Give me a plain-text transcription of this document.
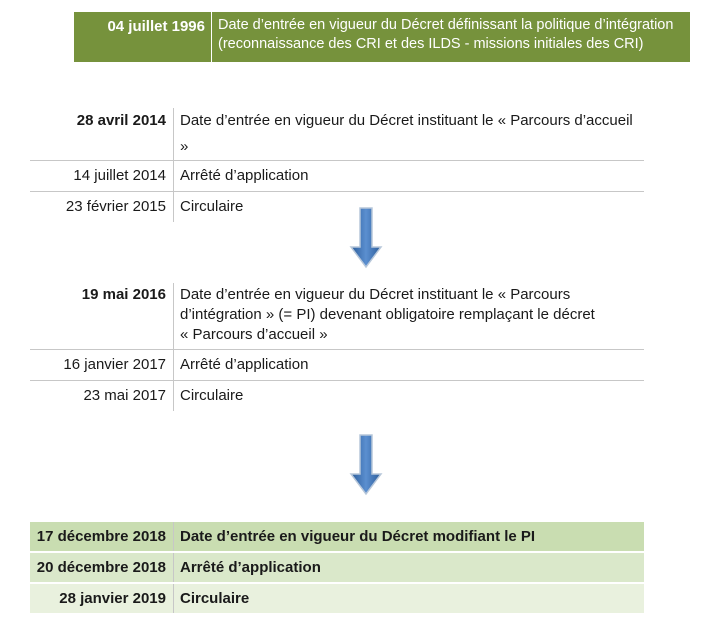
04 juillet 1996 Date d’entrée en vigueur du Décret définissant la politique d’intégration
(reconnaissance des CRI et des ILDS - missions initiales des CRI)
28 avril 2014	Date d’entrée en vigueur du Décret instituant le « Parcours d’accueil »
14 juillet 2014	Arrêté d’application
23 février 2015	Circulaire
19 mai 2016	Date d’entrée en vigueur du Décret instituant le « Parcours
d’intégration » (= PI) devenant obligatoire remplaçant le décret
« Parcours d’accueil »

16 janvier 2017	Arrêté d’application
23 mai 2017	Circulaire
17 décembre 2018	Date d’entrée en vigueur du Décret modifiant le PI
20 décembre 2018	Arrêté d’application
28 janvier 2019	Circulaire
